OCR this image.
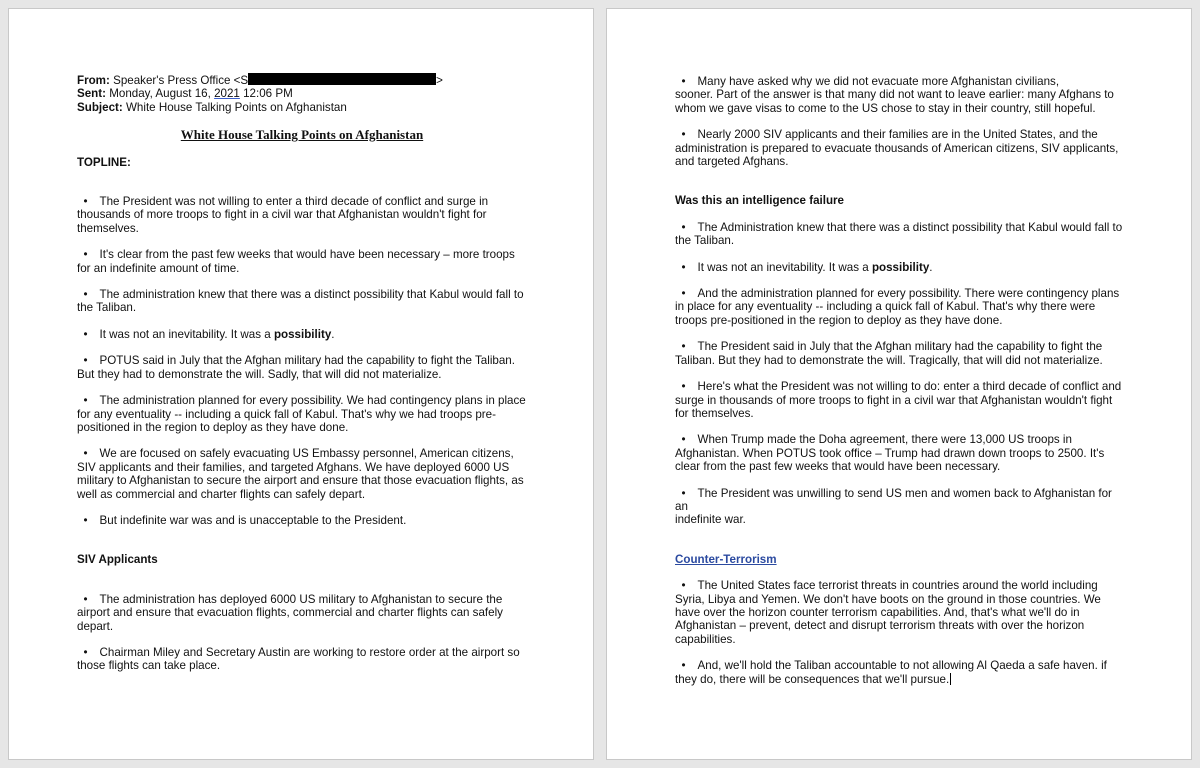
From: Speaker's Press Office <S	>

Sent: Monday, August 16, 2021 12:06 PM

Subject: White House Talking Points on Afghanistan

White House Talking Points on Afghanistan

TOPLINE:

• The President was not willing to enter a third decade of conflict and surge in
thousands of more troops to fight in a civil war that Afghanistan wouldn't fight for
themselves.

• It's clear from the past few weeks that would have been necessary – more troops
for an indefinite amount of time.

• The administration knew that there was a distinct possibility that Kabul would fall to
the Taliban.

• It was not an inevitability. It was a possibility.

• POTUS said in July that the Afghan military had the capability to fight the Taliban.
But they had to demonstrate the will. Sadly, that will did not materialize.

• The administration planned for every possibility. We had contingency plans in place
for any eventuality -- including a quick fall of Kabul. That's why we had troops pre-
positioned in the region to deploy as they have done.

• We are focused on safely evacuating US Embassy personnel, American citizens,
SIV applicants and their families, and targeted Afghans. We have deployed 6000 US
military to Afghanistan to secure the airport and ensure that those evacuation flights, as
well as commercial and charter flights can safely depart.

• But indefinite war was and is unacceptable to the President.

SIV Applicants

• The administration has deployed 6000 US military to Afghanistan to secure the
airport and ensure that evacuation flights, commercial and charter flights can safely
depart.

• Chairman Miley and Secretary Austin are working to restore order at the airport so
those flights can take place.

• Many have asked why we did not evacuate more Afghanistan civilians,
sooner. Part of the answer is that many did not want to leave earlier: many Afghans to
whom we gave visas to come to the US chose to stay in their country, still hopeful.

• Nearly 2000 SIV applicants and their families are in the United States, and the
administration is prepared to evacuate thousands of American citizens, SIV applicants,
and targeted Afghans.

Was this an intelligence failure

• The Administration knew that there was a distinct possibility that Kabul would fall to
the Taliban.

• It was not an inevitability. It was a possibility.

• And the administration planned for every possibility. There were contingency plans
in place for any eventuality -- including a quick fall of Kabul. That's why there were
troops pre-positioned in the region to deploy as they have done.

• The President said in July that the Afghan military had the capability to fight the
Taliban. But they had to demonstrate the will. Tragically, that will did not materialize.

• Here's what the President was not willing to do: enter a third decade of conflict and
surge in thousands of more troops to fight in a civil war that Afghanistan wouldn't fight
for themselves.

• When Trump made the Doha agreement, there were 13,000 US troops in
Afghanistan. When POTUS took office – Trump had drawn down troops to 2500. It's
clear from the past few weeks that would have been necessary.

• The President was unwilling to send US men and women back to Afghanistan for an
indefinite war.

Counter-Terrorism

• The United States face terrorist threats in countries around the world including
Syria, Libya and Yemen. We don't have boots on the ground in those countries. We
have over the horizon counter terrorism capabilities. And, that's what we'll do in
Afghanistan – prevent, detect and disrupt terrorism threats with over the horizon
capabilities.

• And, we'll hold the Taliban accountable to not allowing Al Qaeda a safe haven. if
they do, there will be consequences that we'll pursue.
